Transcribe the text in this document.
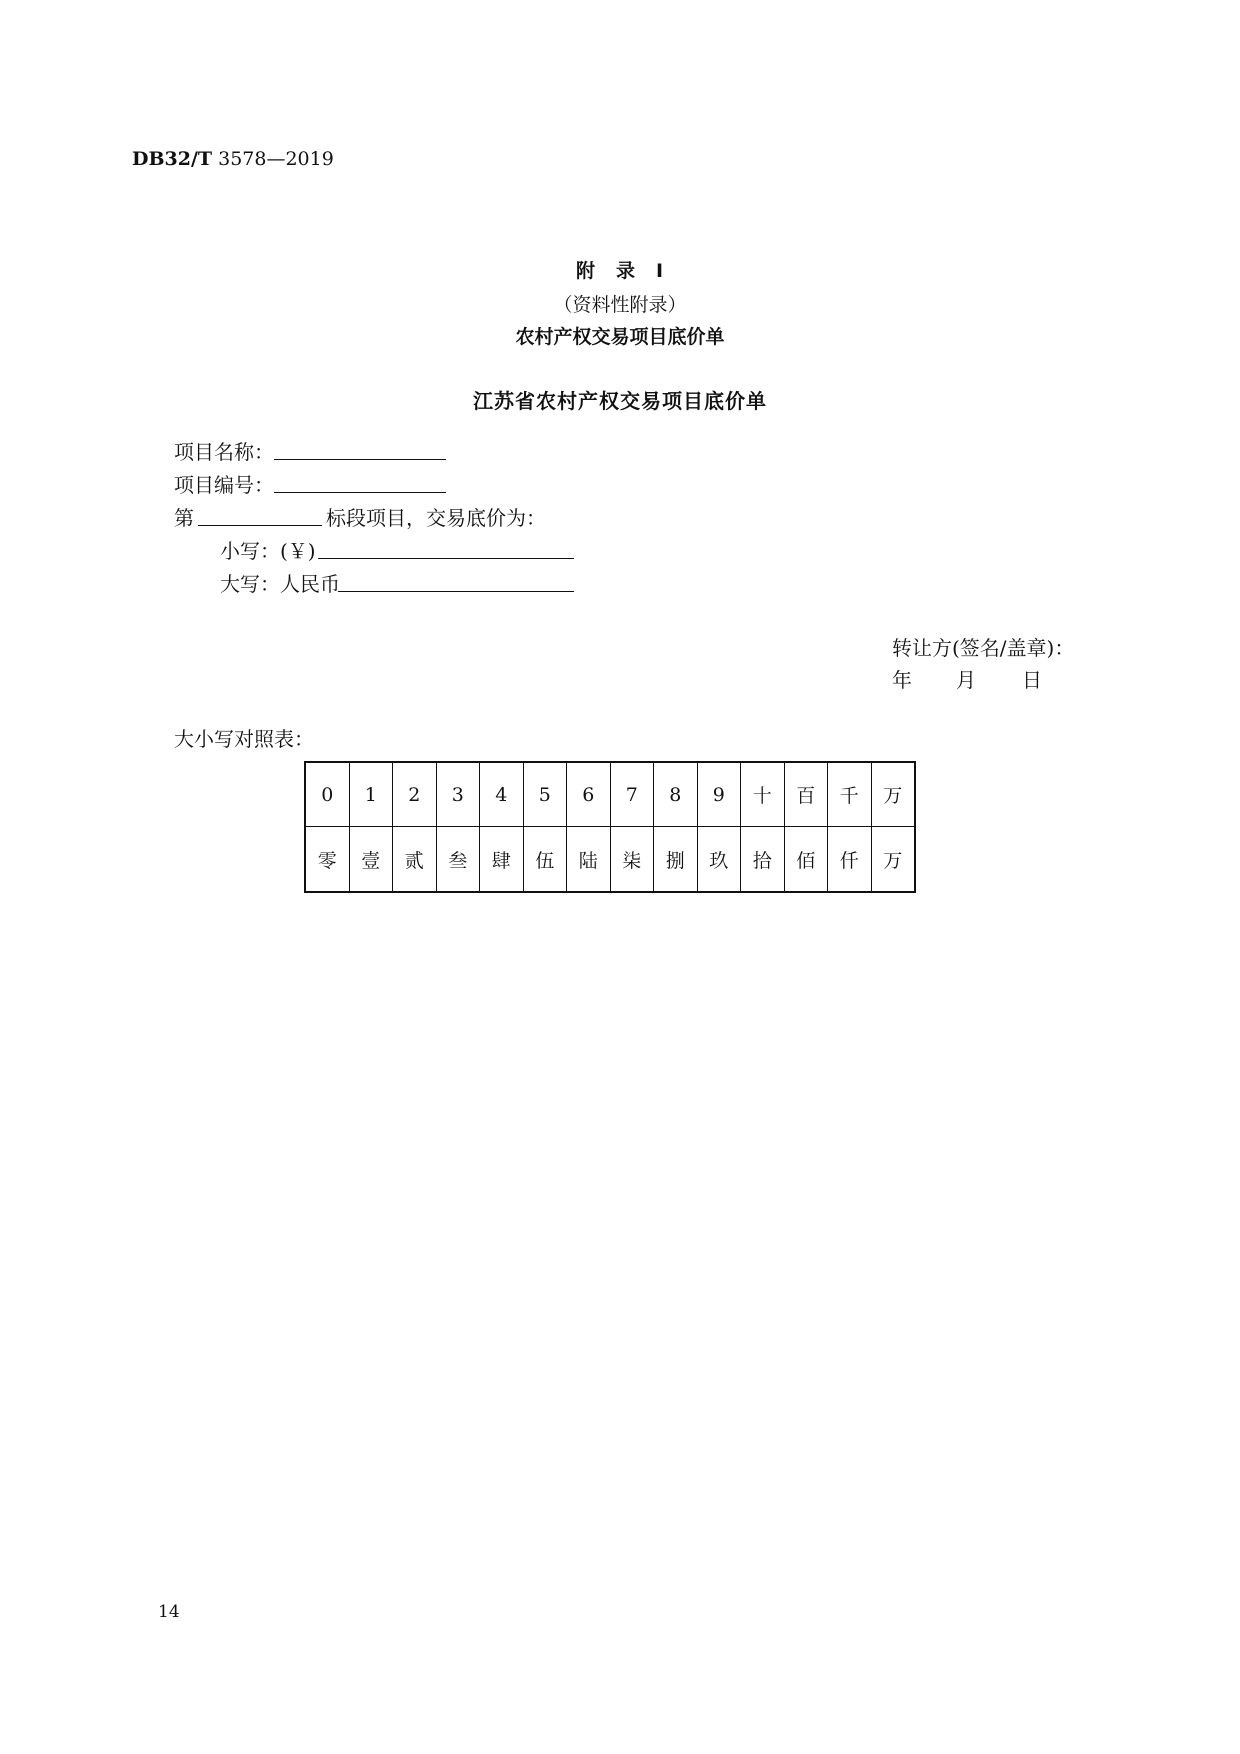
DB32/T 3578—2019
附　录　I
（资料性附录）
农村产权交易项目底价单
江苏省农村产权交易项目底价单
项目名称：
项目编号：
第	标段项目，交易底价为：
小写：(￥)
大写：人民币
转让方(签名/盖章)：
年 月 日
大小写对照表：
0	1	2	3	4	5	6	7	8	9	十	百	千	万
零	壹	贰	叁	肆	伍	陆	柒	捌	玖	拾	佰	仟	万
14
